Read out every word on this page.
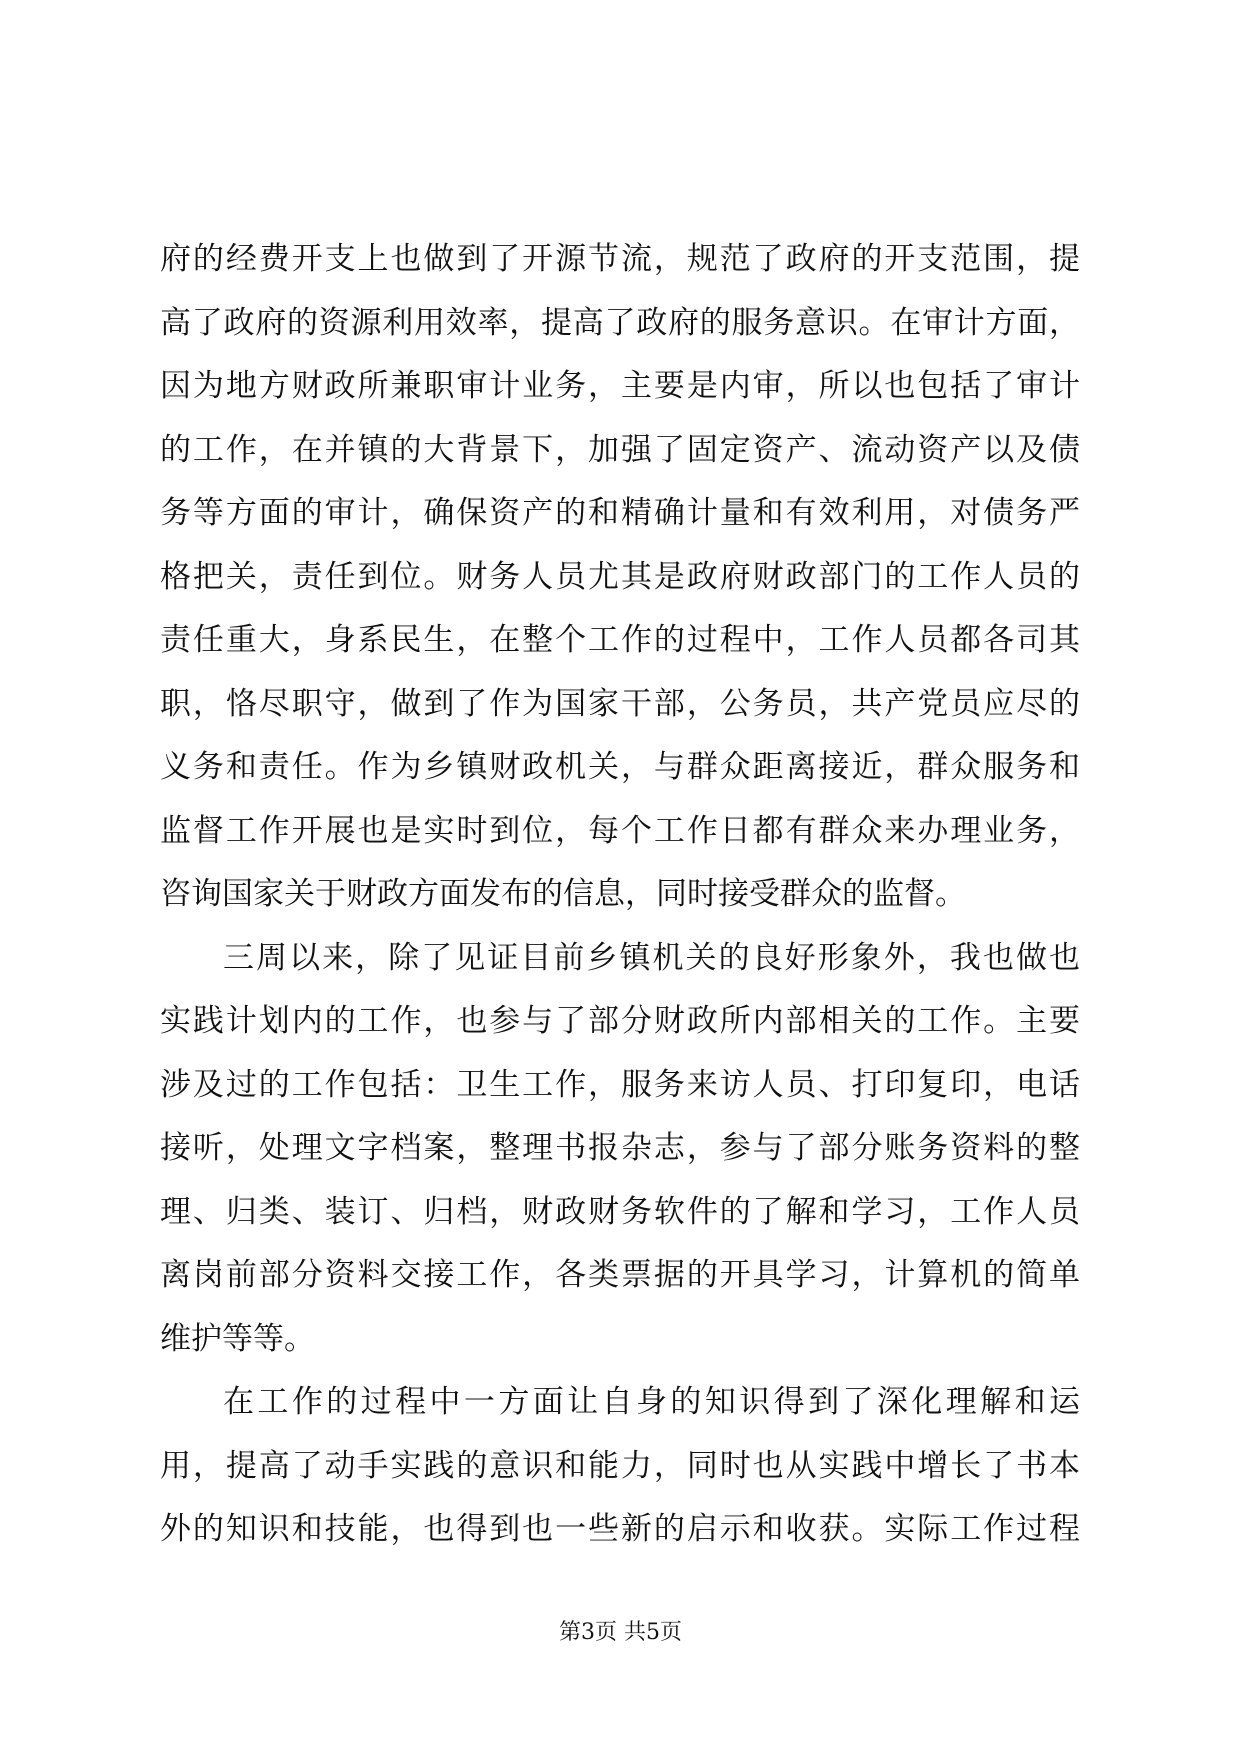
府的经费开支上也做到了开源节流，规范了政府的开支范围，提
高了政府的资源利用效率，提高了政府的服务意识。在审计方面，
因为地方财政所兼职审计业务，主要是内审，所以也包括了审计
的工作，在并镇的大背景下，加强了固定资产、流动资产以及债
务等方面的审计，确保资产的和精确计量和有效利用，对债务严
格把关，责任到位。财务人员尤其是政府财政部门的工作人员的
责任重大，身系民生，在整个工作的过程中，工作人员都各司其
职，恪尽职守，做到了作为国家干部，公务员，共产党员应尽的
义务和责任。作为乡镇财政机关，与群众距离接近，群众服务和
监督工作开展也是实时到位，每个工作日都有群众来办理业务，
咨询国家关于财政方面发布的信息，同时接受群众的监督。
三周以来，除了见证目前乡镇机关的良好形象外，我也做也
实践计划内的工作，也参与了部分财政所内部相关的工作。主要
涉及过的工作包括：卫生工作，服务来访人员、打印复印，电话
接听，处理文字档案，整理书报杂志，参与了部分账务资料的整
理、归类、装订、归档，财政财务软件的了解和学习，工作人员
离岗前部分资料交接工作，各类票据的开具学习，计算机的简单
维护等等。
在工作的过程中一方面让自身的知识得到了深化理解和运
用，提高了动手实践的意识和能力，同时也从实践中增长了书本
外的知识和技能，也得到也一些新的启示和收获。实际工作过程
第3页 共5页
